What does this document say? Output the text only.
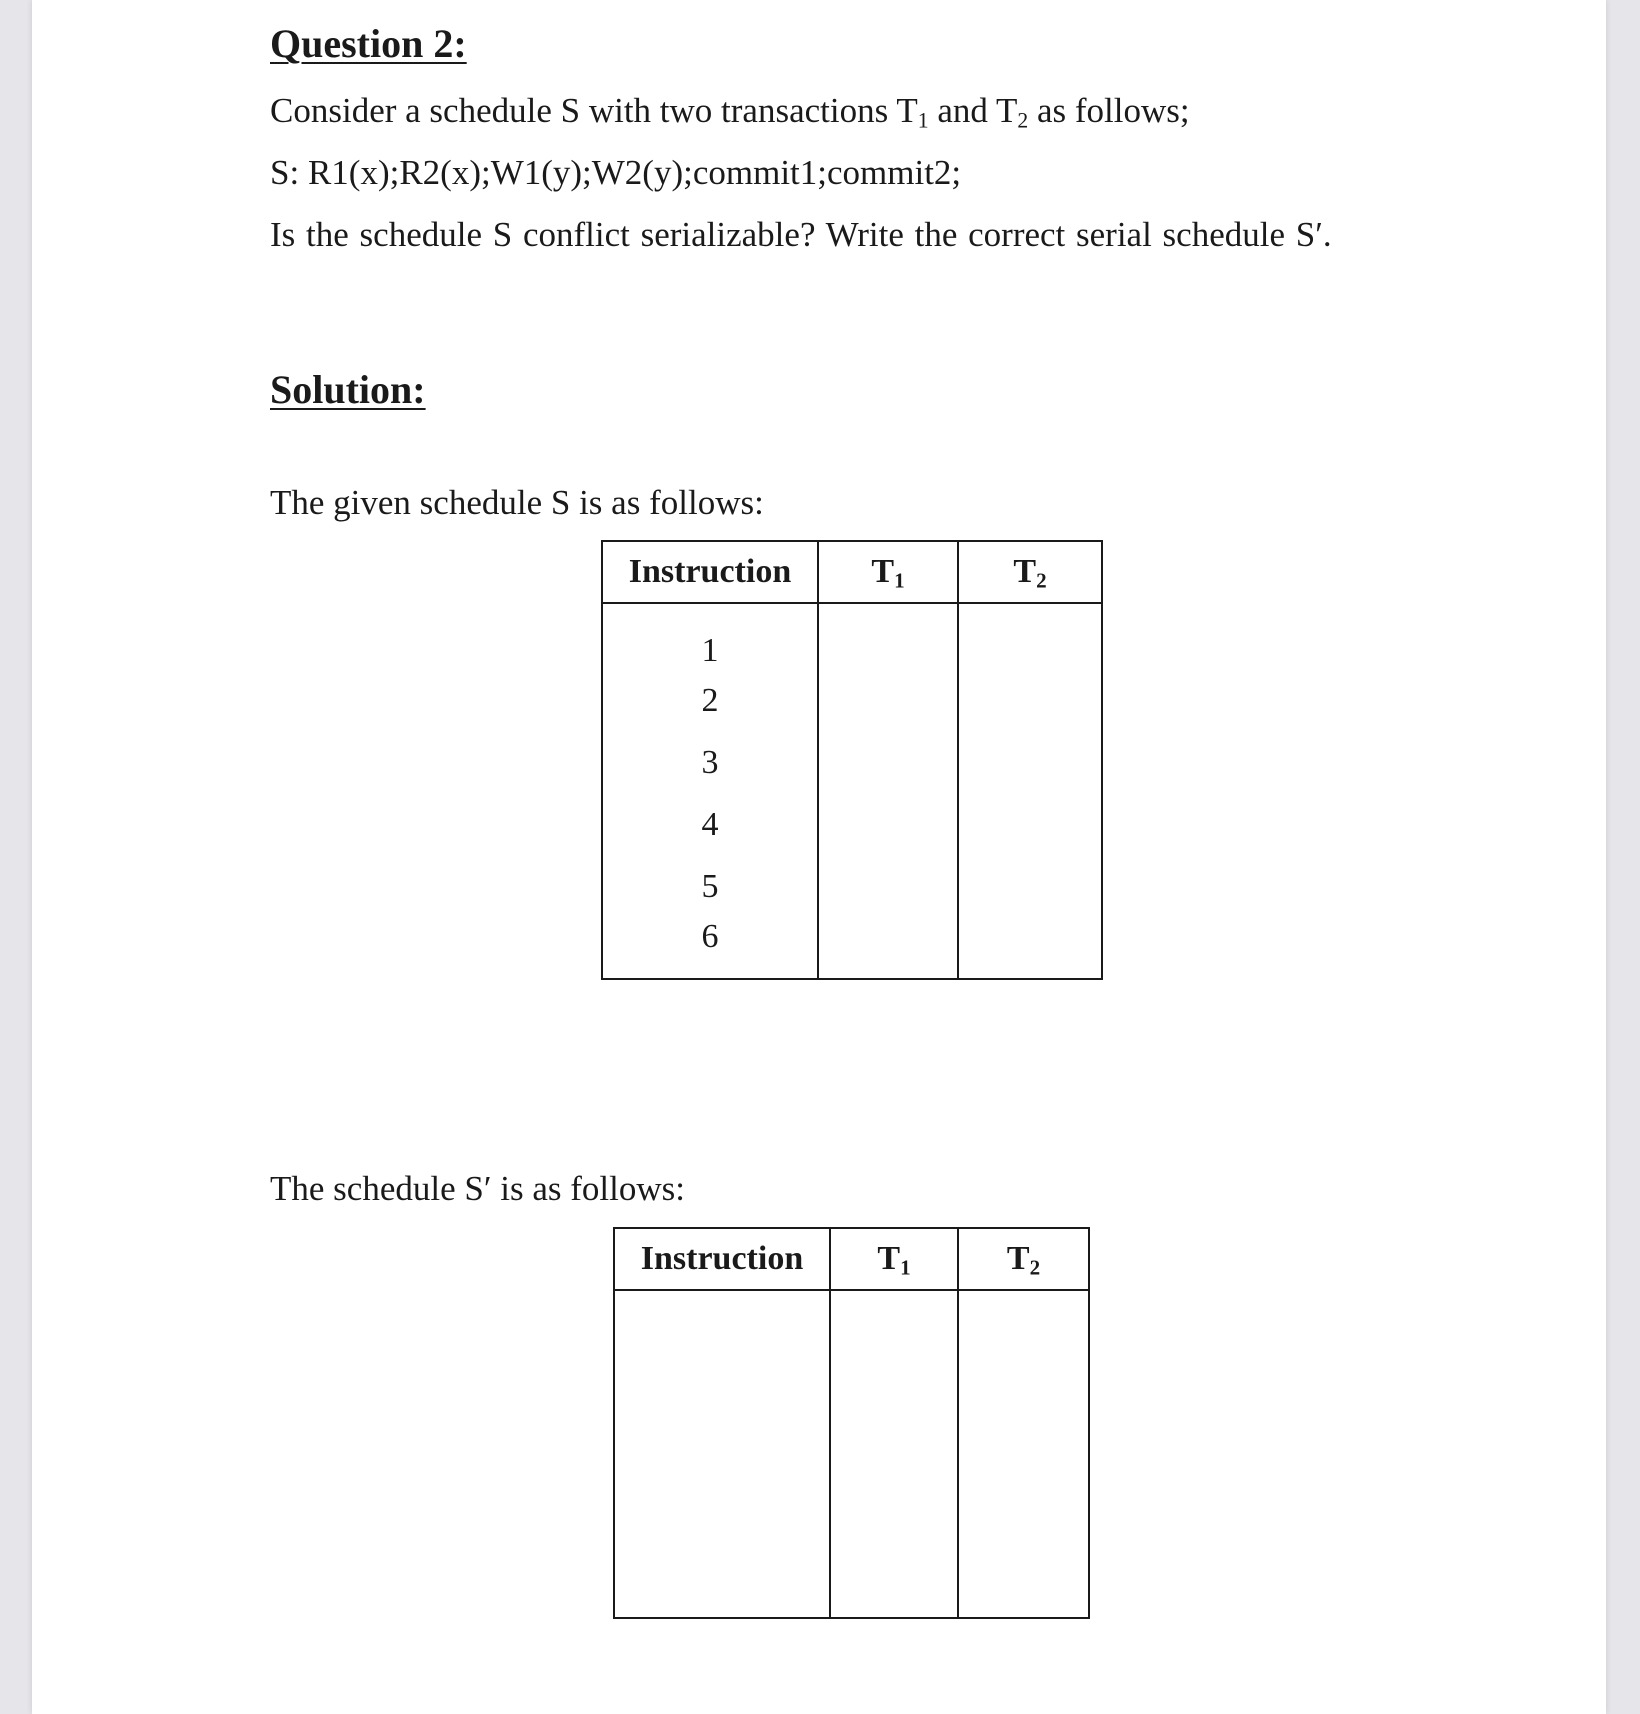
Question 2:
Consider a schedule S with two transactions $T_1$ and $T_2$ as follows;
S: R1(x);R2(x);W1(y);W2(y);commit1;commit2;
Is the schedule S conflict serializable? Write the correct serial schedule S′.
Solution:
The given schedule S is as follows:
Instruction	$T_1$	$T_2$
1		
2		
3		
4		
5		
6		
The schedule S′ is as follows:
Instruction	$T_1$	$T_2$
